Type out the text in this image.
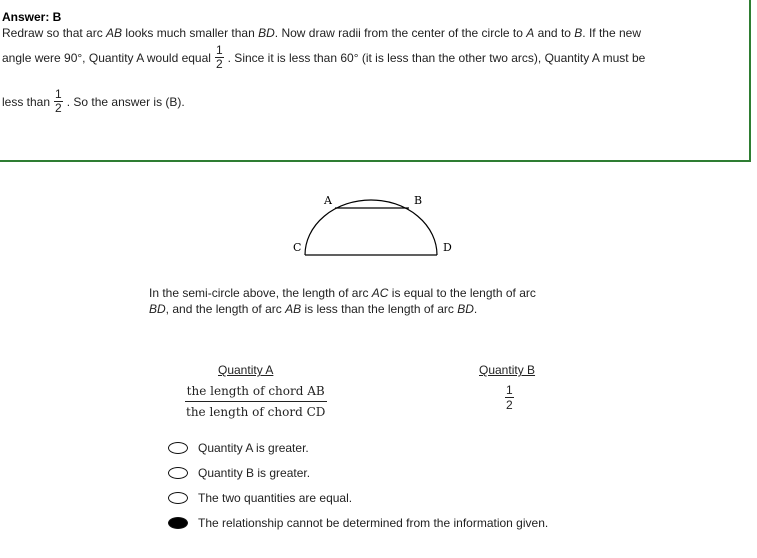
Answer: B
Redraw so that arc AB looks much smaller than BD . Now draw radii from the center of the circle to A and to B . If the new
angle were 90°, Quantity A would equal $\frac{1}{2}$ . Since it is less than 60° (it is less than the other two arcs), Quantity A must be
less than $\frac{1}{2}$ . So the answer is (B).
A	B
C	D
In the semi-circle above, the length of arc AC is equal to the length of arc
BD, and the length of arc AB is less than the length of arc BD.
Quantity A	Quantity B
the length of chord AB
the length of chord CD	$\frac{1}{2}$
Quantity A is greater.
Quantity B is greater.
The two quantities are equal.
The relationship cannot be determined from the information given.
